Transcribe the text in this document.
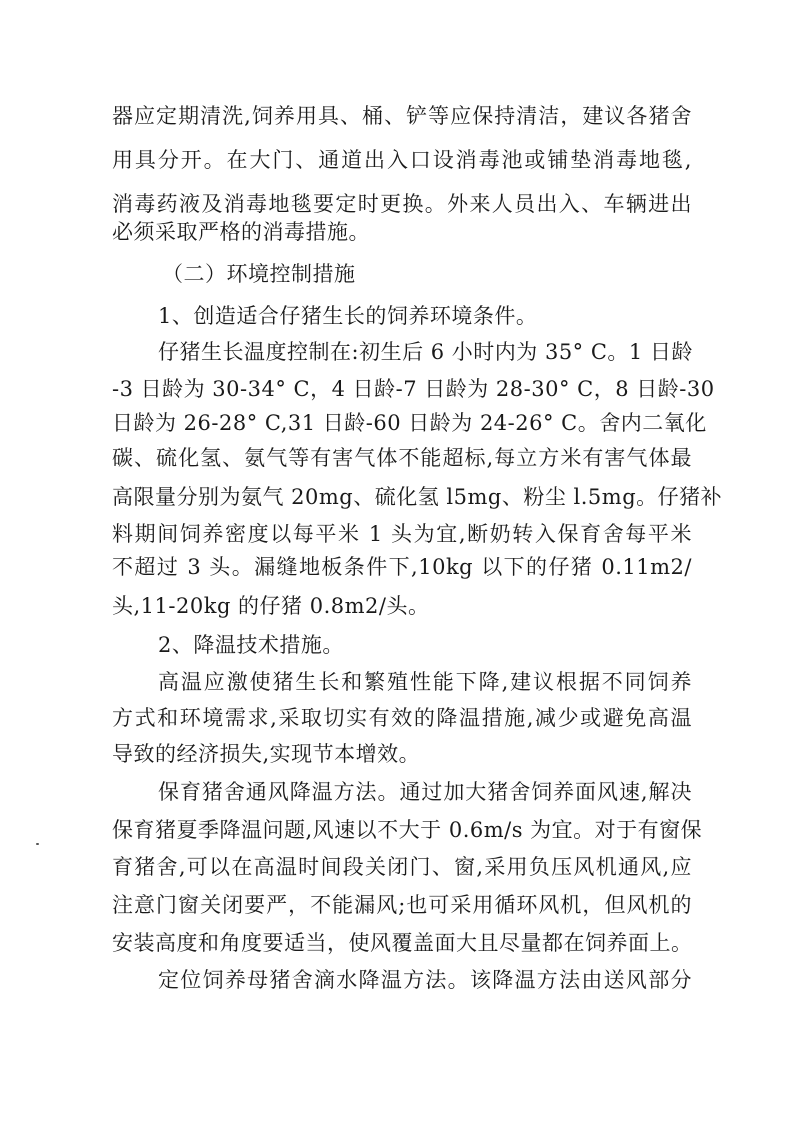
器应定期清洗,饲养用具、桶、铲等应保持清洁，建议各猪舍
用具分开。在大门、通道出入口设消毒池或铺垫消毒地毯,
消毒药液及消毒地毯要定时更换。外来人员出入、车辆进出
必须采取严格的消毒措施。
（二）环境控制措施
1、创造适合仔猪生长的饲养环境条件。
仔猪生长温度控制在:初生后 6 小时内为 35° C。1 日龄
-3 日龄为 30-34° C，4 日龄-7 日龄为 28-30° C，8 日龄-30
日龄为 26-28° C,31 日龄-60 日龄为 24-26° C。舍内二氧化
碳、硫化氢、氨气等有害气体不能超标,每立方米有害气体最
高限量分别为氨气 20mg、硫化氢 l5mg、粉尘 l.5mg。仔猪补
料期间饲养密度以每平米 1 头为宜,断奶转入保育舍每平米
不超过 3 头。漏缝地板条件下,10kg 以下的仔猪 0.11m2/
头,11-20kg 的仔猪 0.8m2/头。
2、降温技术措施。
高温应激使猪生长和繁殖性能下降,建议根据不同饲养
方式和环境需求,采取切实有效的降温措施,减少或避免高温
导致的经济损失,实现节本增效。
保育猪舍通风降温方法。通过加大猪舍饲养面风速,解决
保育猪夏季降温问题,风速以不大于 0.6m/s 为宜。对于有窗保
育猪舍,可以在高温时间段关闭门、窗,采用负压风机通风,应
注意门窗关闭要严，不能漏风;也可采用循环风机，但风机的
安装高度和角度要适当，使风覆盖面大且尽量都在饲养面上。
定位饲养母猪舍滴水降温方法。该降温方法由送风部分
